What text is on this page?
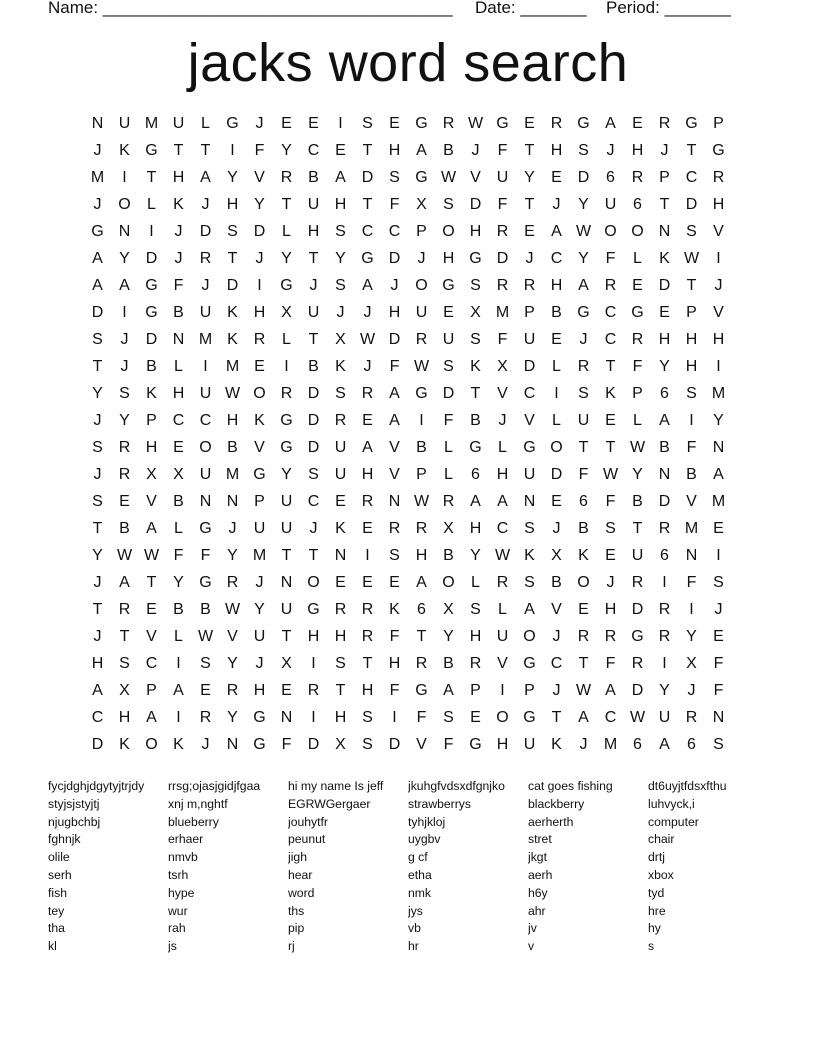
Name: _____________________________________ Date: _______ Period: _______
jacks word search
N U M U	L	G	J	E	E	I	S	E G R W G E R G A	E R G P
J	K G T	T	I	F	Y C E	T	H A	B	J	F	T	H S	J	H	J	T G
M	I	T	H A	Y	V R B	A D S G W V U Y	E D	6	R P C R
J	O	L	K	J	H Y	T	U H	T	F	X	S D	F	T	J	Y U	6	T	D H
G N	I	J	D S D	L	H S C C P O H R E	A W O O N S	V
A	Y D	J	R	T	J	Y	T	Y G D	J	H G D	J	C Y	F	L	K W	I
A	A G F	J	D	I	G	J	S	A	J	O G S R R H A R E D	T	J
D	I	G B U K H X U	J	J	H U E	X M P	B G C G E	P	V
S	J	D N M K R	L	T	X W D R U S	F	U E	J	C R H H H
T	J	B	L	I	M E	I	B	K	J	F W S	K	X D	L	R	T	F	Y H	I
Y	S	K H U W O R D S R A G D	T	V C	I	S	K	P	6	S M
J	Y	P C C H K G D R E	A	I	F	B	J	V	L	U E	L	A	I	Y
S R H E O B	V G D U A	V	B	L	G	L	G O T	T W B	F	N
J	R X	X U M G Y	S U H V	P	L	6	H U D	F W Y N B	A
S	E	V	B N N P U C E R N W R A	A N E	6	F	B D V M
T	B	A	L	G	J	U U	J	K	E R R X H C S	J	B	S	T	R M E
Y W W F	F	Y M T	T	N	I	S H B	Y W K	X	K	E U	6	N	I
J	A	T	Y G R	J	N O E	E	E	A O	L	R S	B O	J	R	I	F	S
T	R E	B	B W Y U G R R K	6	X	S	L	A	V	E H D R	I	J
J	T	V	L W V U	T	H H R	F	T	Y H U O	J	R R G R Y	E
H S C	I	S	Y	J	X	I	S	T	H R B R V G C	T	F	R	I	X	F
A	X	P	A	E R H E R	T	H	F G A	P	I	P	J W A D Y	J	F
C H A	I	R Y G N	I	H S	I	F	S	E O G T	A C W U R N
D K O K	J	N G F	D X	S D V	F G H U K	J	M 6	A	6	S
fycjdghjdgytyjtrjdy
styjsjstyjtj
njugbchbj
fghnjk
olile
serh
fish
tey
tha
kl
rrsg;ojasjgidjfgaa
xnj m,nghtf
blueberry
erhaer
nmvb
tsrh
hype
wur
rah
js
hi my name Is jeff
EGRWGergaer
jouhytfr
peunut
jigh
hear
word
ths
pip
rj
jkuhgfvdsxdfgnjko
strawberrys
tyhjkloj
uygbv
g cf
etha
nmk
jys
vb
hr
cat goes fishing
blackberry
aerherth
stret
jkgt
aerh
h6y
ahr
jv
v
dt6uyjtfdsxfthu
luhvyck,i
computer
chair
drtj
xbox
tyd
hre
hy
s
